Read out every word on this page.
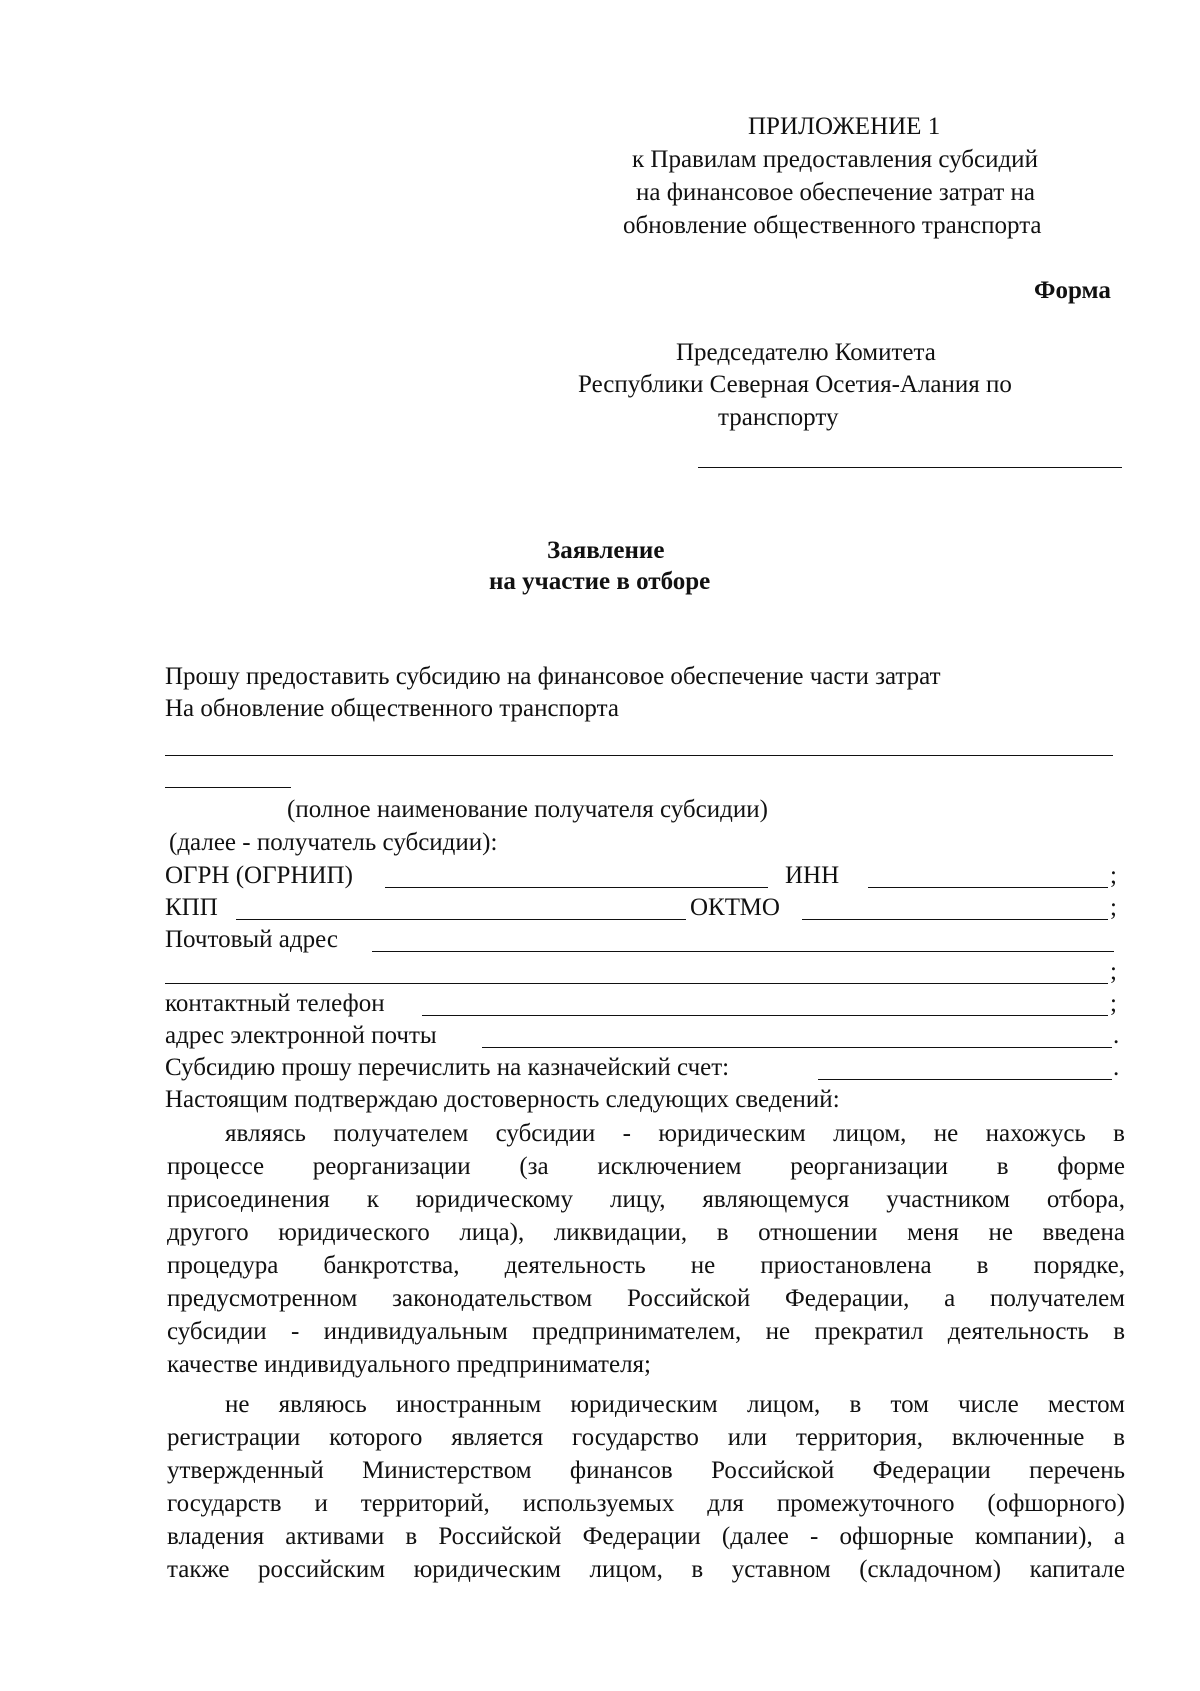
ПРИЛОЖЕНИЕ 1
к Правилам предоставления субсидий
на финансовое обеспечение затрат на
обновление общественного транспорта
Форма
Председателю Комитета
Республики Северная Осетия-Алания по
транспорту
Заявление
на участие в отборе
Прошу предоставить субсидию на финансовое обеспечение части затрат
На обновление общественного транспорта
(полное наименование получателя субсидии)
(далее - получатель субсидии):
ОГРН (ОГРНИП)	ИНН	;
КПП	ОКТМО	;
Почтовый адрес
;
контактный телефон	;
адрес электронной почты	.
Субсидию прошу перечислить на казначейский счет:	.
Настоящим подтверждаю достоверность следующих сведений:
являясь получателем субсидии - юридическим лицом, не нахожусь в
процессе реорганизации (за исключением реорганизации в форме
присоединения к юридическому лицу, являющемуся участником отбора,
другого юридического лица), ликвидации, в отношении меня не введена
процедура банкротства, деятельность не приостановлена в порядке,
предусмотренном законодательством Российской Федерации, а получателем
субсидии - индивидуальным предпринимателем, не прекратил деятельность в
качестве индивидуального предпринимателя;
не являюсь иностранным юридическим лицом, в том числе местом
регистрации которого является государство или территория, включенные в
утвержденный Министерством финансов Российской Федерации перечень
государств и территорий, используемых для промежуточного (офшорного)
владения активами в Российской Федерации (далее - офшорные компании), а
также российским юридическим лицом, в уставном (складочном) капитале
